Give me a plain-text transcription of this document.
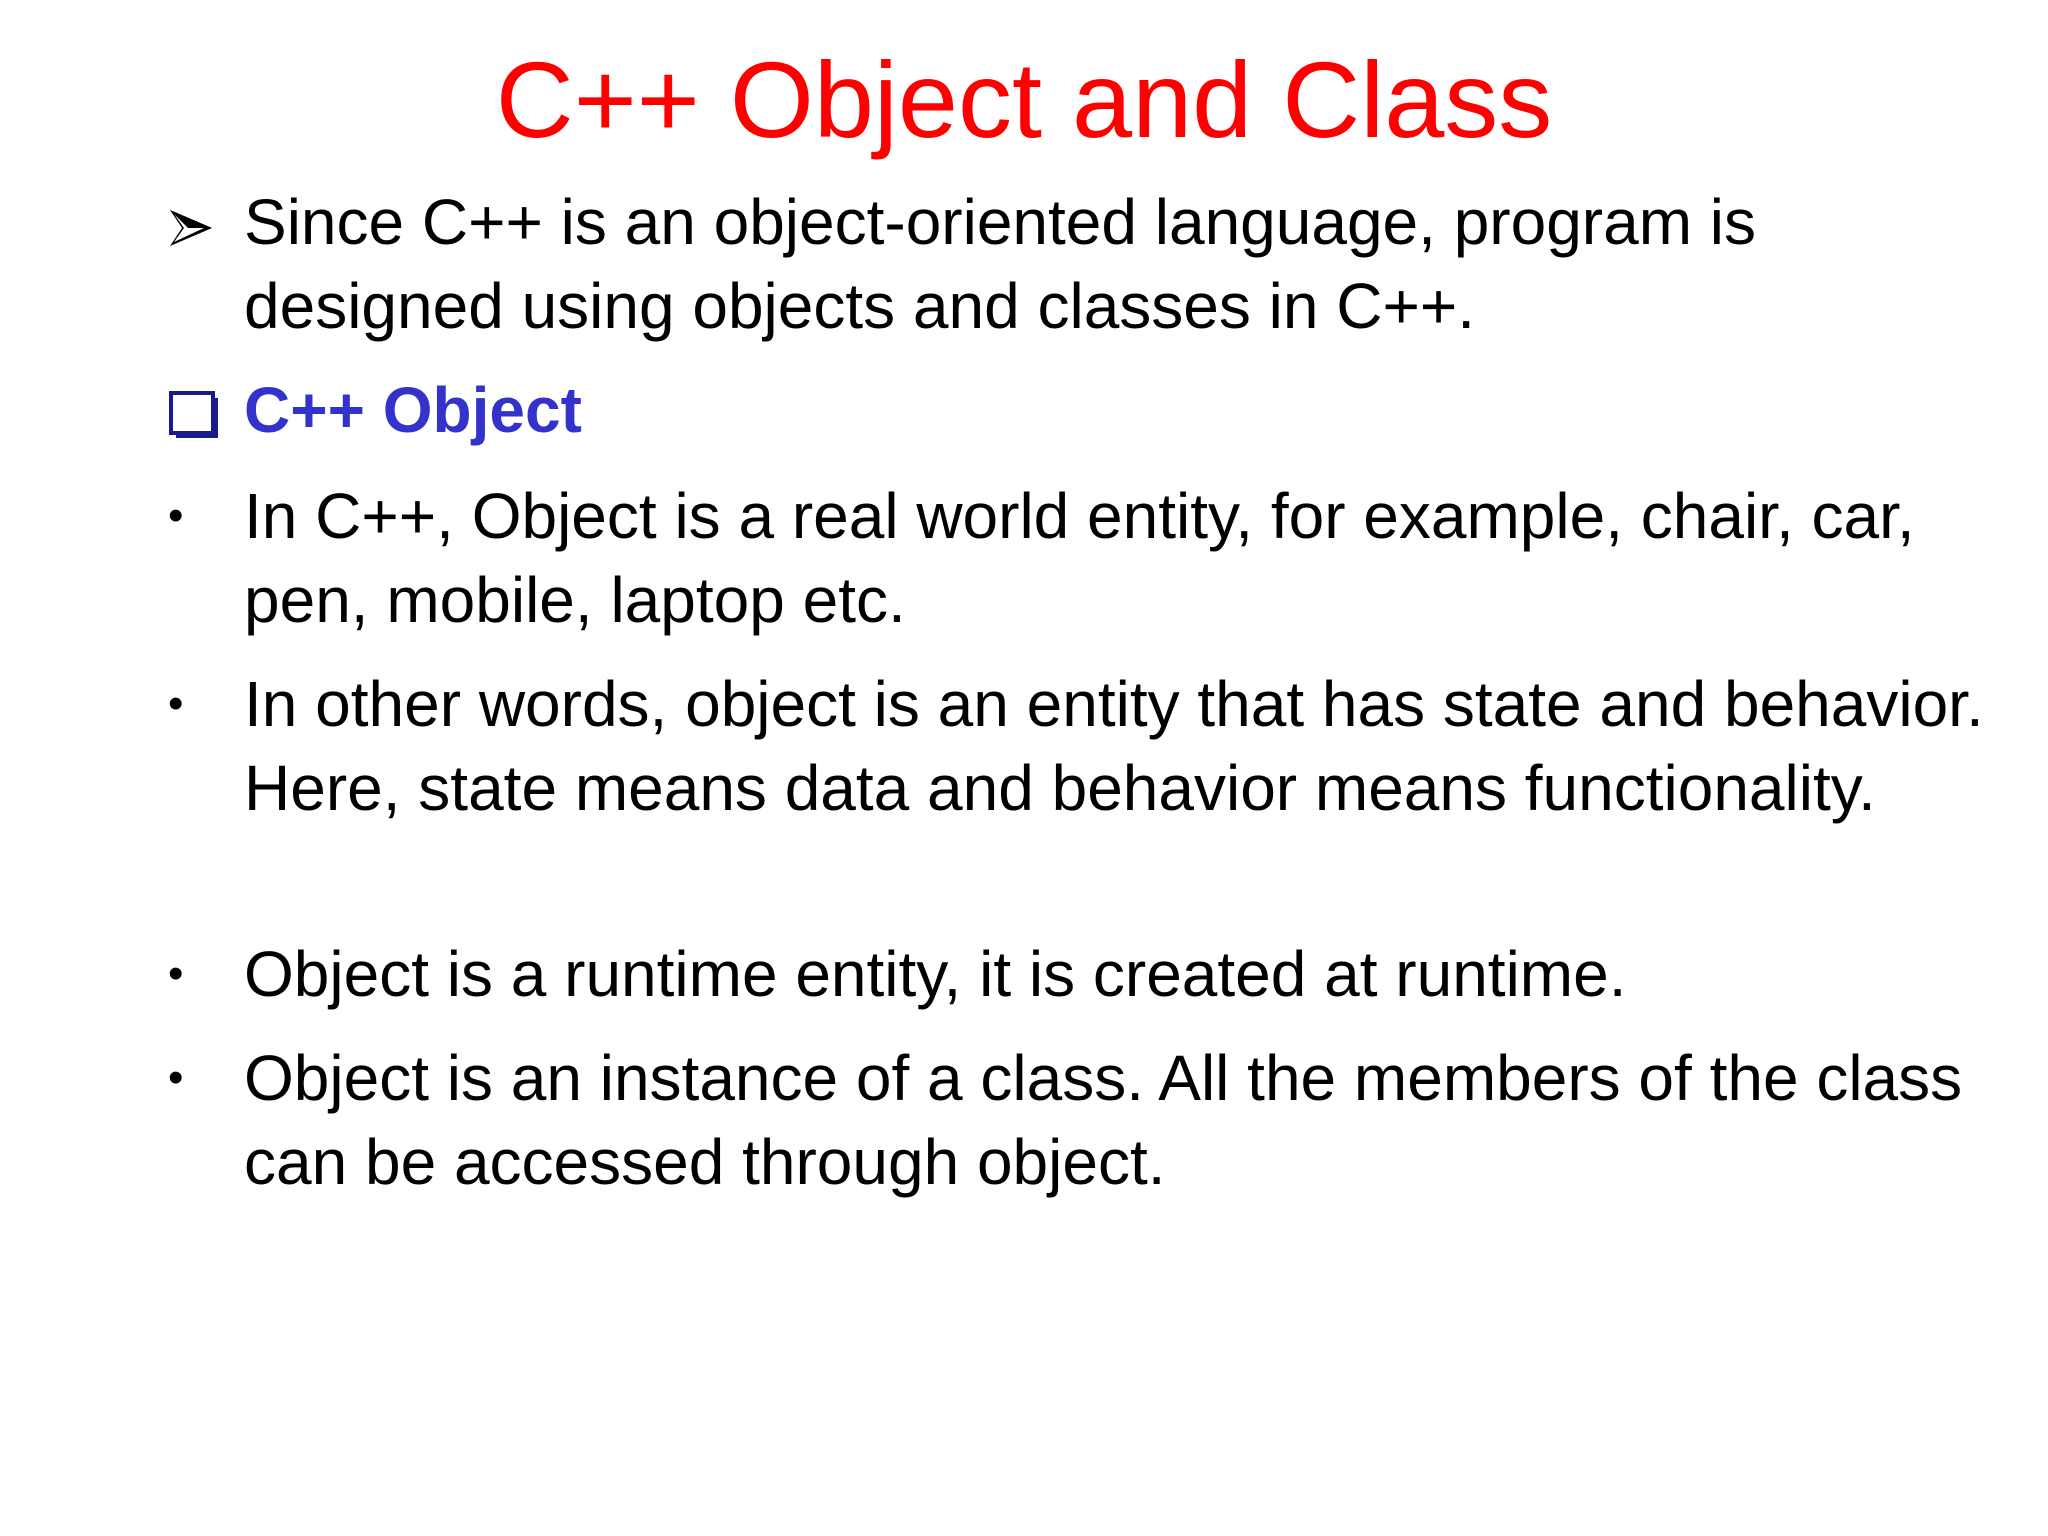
C++ Object and Class
Since C++ is an object-oriented language, program is designed using objects and classes in C++.
C++ Object
• In C++, Object is a real world entity, for example, chair, car, pen, mobile, laptop etc.
• In other words, object is an entity that has state and behavior. Here, state means data and behavior means functionality.
• Object is a runtime entity, it is created at runtime.
• Object is an instance of a class. All the members of the class can be accessed through object.
